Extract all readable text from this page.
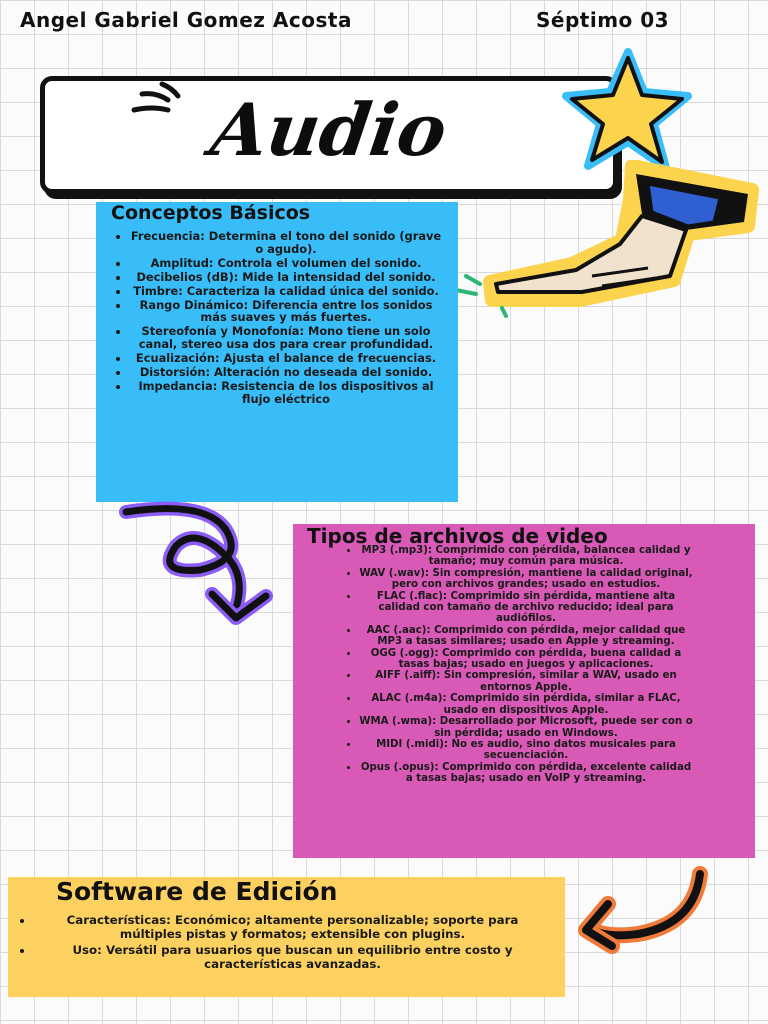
Angel Gabriel Gomez Acosta	Séptimo 03
Audio
Conceptos Básicos
• Frecuencia: Determina el tono del sonido (grave o agudo).
• Amplitud: Controla el volumen del sonido.
• Decibelios (dB): Mide la intensidad del sonido.
• Timbre: Caracteriza la calidad única del sonido.
• Rango Dinámico: Diferencia entre los sonidos más suaves y más fuertes.
• Stereofonía y Monofonía: Mono tiene un solo canal, stereo usa dos para crear profundidad.
• Ecualización: Ajusta el balance de frecuencias.
• Distorsión: Alteración no deseada del sonido.
• Impedancia: Resistencia de los dispositivos al flujo eléctrico
Tipos de archivos de video
• MP3 (.mp3): Comprimido con pérdida, balancea calidad y tamaño; muy común para música.
• WAV (.wav): Sin compresión, mantiene la calidad original, pero con archivos grandes; usado en estudios.
• FLAC (.flac): Comprimido sin pérdida, mantiene alta calidad con tamaño de archivo reducido; ideal para audiófilos.
• AAC (.aac): Comprimido con pérdida, mejor calidad que MP3 a tasas similares; usado en Apple y streaming.
• OGG (.ogg): Comprimido con pérdida, buena calidad a tasas bajas; usado en juegos y aplicaciones.
• AIFF (.aiff): Sin compresión, similar a WAV, usado en entornos Apple.
• ALAC (.m4a): Comprimido sin pérdida, similar a FLAC, usado en dispositivos Apple.
• WMA (.wma): Desarrollado por Microsoft, puede ser con o sin pérdida; usado en Windows.
• MIDI (.midi): No es audio, sino datos musicales para secuenciación.
• Opus (.opus): Comprimido con pérdida, excelente calidad a tasas bajas; usado en VoIP y streaming.
Software de Edición
• Características: Económico; altamente personalizable; soporte para múltiples pistas y formatos; extensible con plugins.
• Uso: Versátil para usuarios que buscan un equilibrio entre costo y características avanzadas.
